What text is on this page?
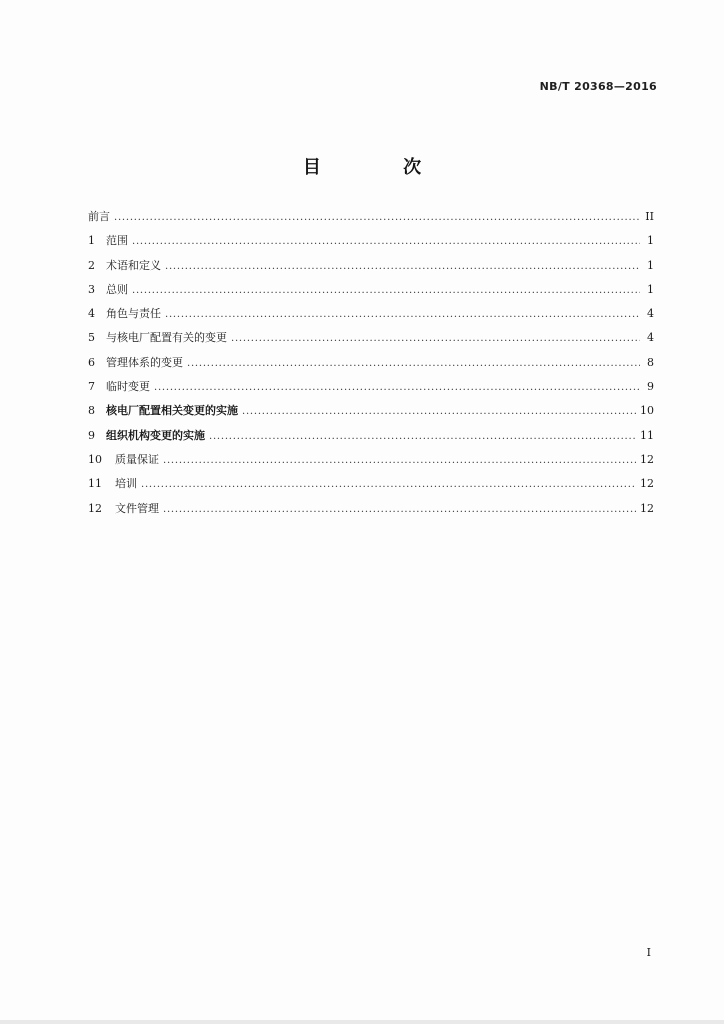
NB/T 20368—2016
目 次
前言 . . .	II
1	范围 . . .	1
2	术语和定义 . . .	1
3	总则 . . .	1
4	角色与责任 . . .	4
5	与核电厂配置有关的变更 . . .	4
6	管理体系的变更 . . .	8
7	临时变更 . . .	9
8	核电厂配置相关变更的实施 . . .	10
9	组织机构变更的实施 . . .	11
10	质量保证 . . .	12
11	培训 . . .	12
12	文件管理 . . .	12
I
